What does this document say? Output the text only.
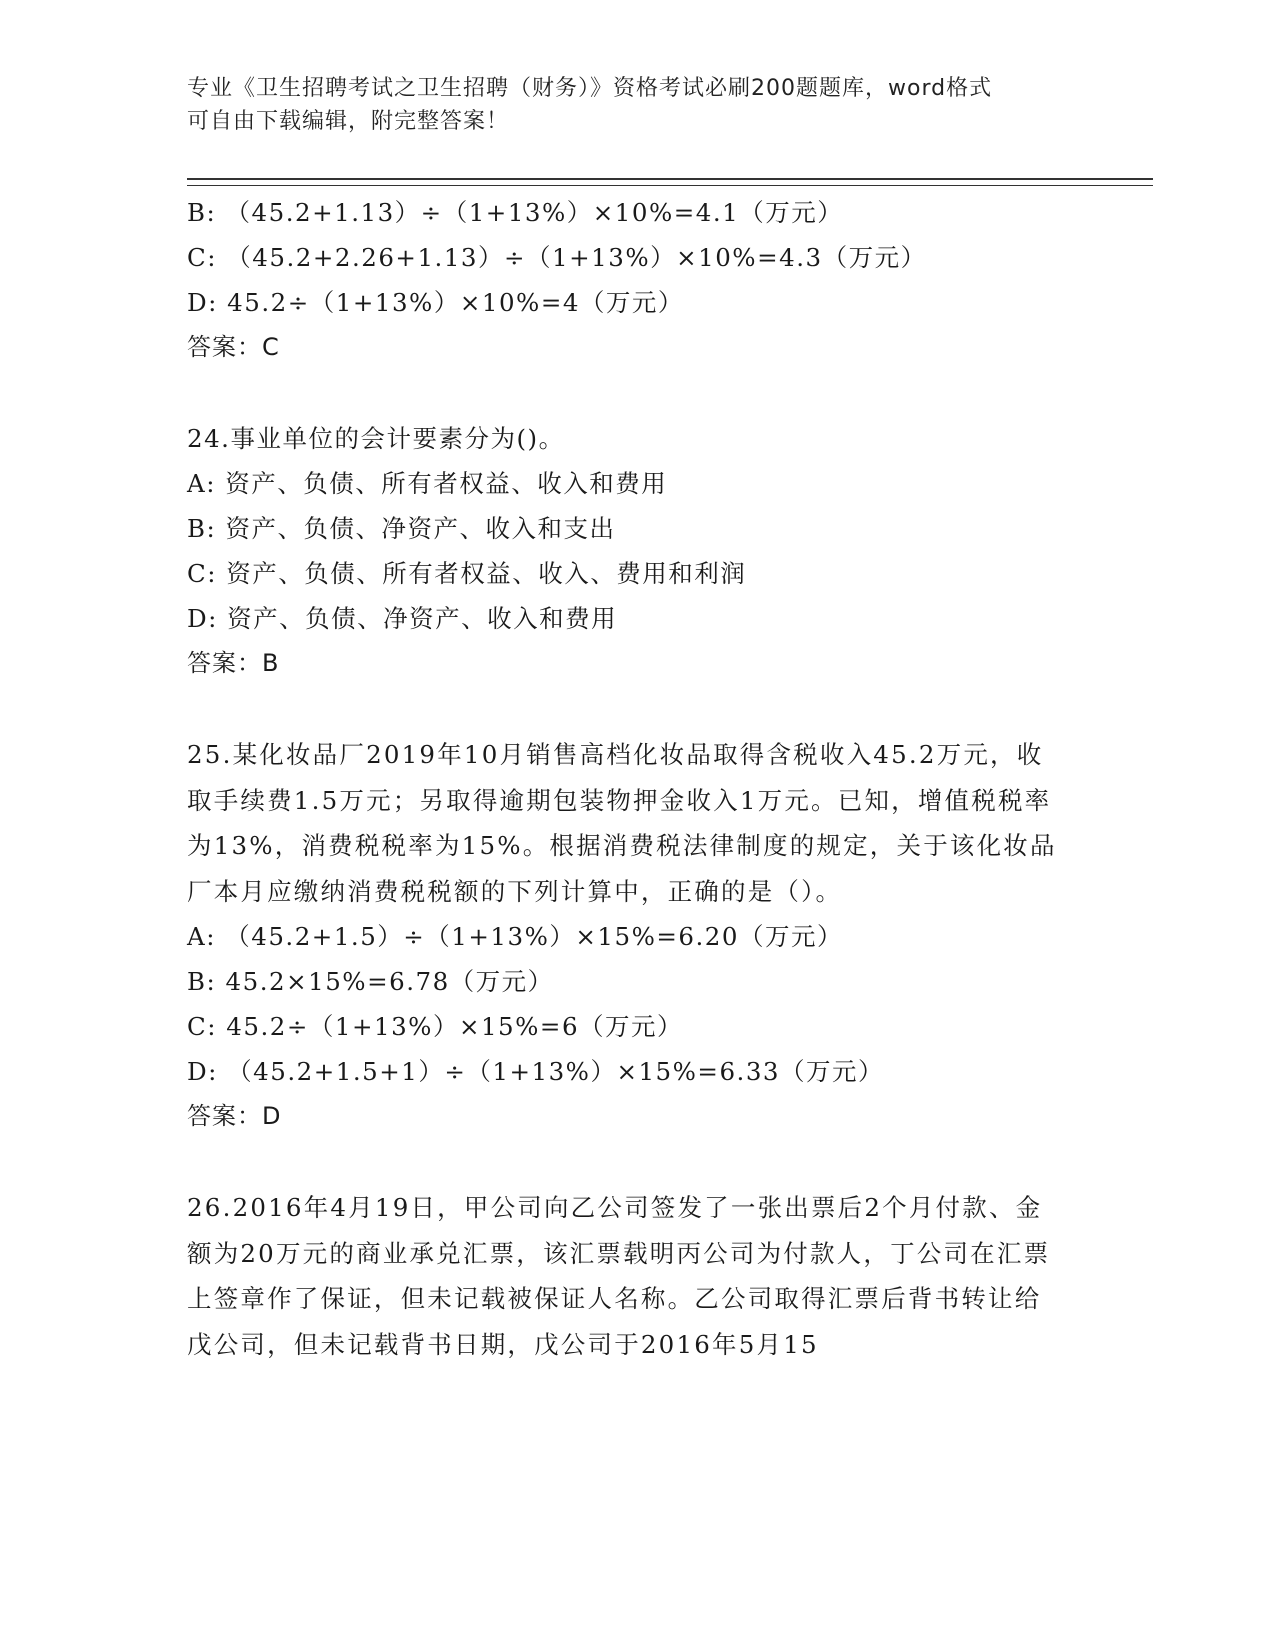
专业《卫生招聘考试之卫生招聘（财务）》资格考试必刷200题题库，word格式
可自由下载编辑，附完整答案！
B: （45.2+1.13）÷（1+13%）×10%=4.1（万元）
C: （45.2+2.26+1.13）÷（1+13%）×10%=4.3（万元）
D: 45.2÷（1+13%）×10%=4（万元）
答案：C
24.事业单位的会计要素分为()。
A: 资产、负债、所有者权益、收入和费用
B: 资产、负债、净资产、收入和支出
C: 资产、负债、所有者权益、收入、费用和利润
D: 资产、负债、净资产、收入和费用
答案：B
25.某化妆品厂2019年10月销售高档化妆品取得含税收入45.2万元，收取手续费1.5万元；另取得逾期包装物押金收入1万元。已知，增值税税率为13%，消费税税率为15%。根据消费税法律制度的规定，关于该化妆品厂本月应缴纳消费税税额的下列计算中，正确的是（）。
A: （45.2+1.5）÷（1+13%）×15%=6.20（万元）
B: 45.2×15%=6.78（万元）
C: 45.2÷（1+13%）×15%=6（万元）
D: （45.2+1.5+1）÷（1+13%）×15%=6.33（万元）
答案：D
26.2016年4月19日，甲公司向乙公司签发了一张出票后2个月付款、金额为20万元的商业承兑汇票，该汇票载明丙公司为付款人，丁公司在汇票上签章作了保证，但未记载被保证人名称。乙公司取得汇票后背书转让给戊公司，但未记载背书日期，戊公司于2016年5月15
